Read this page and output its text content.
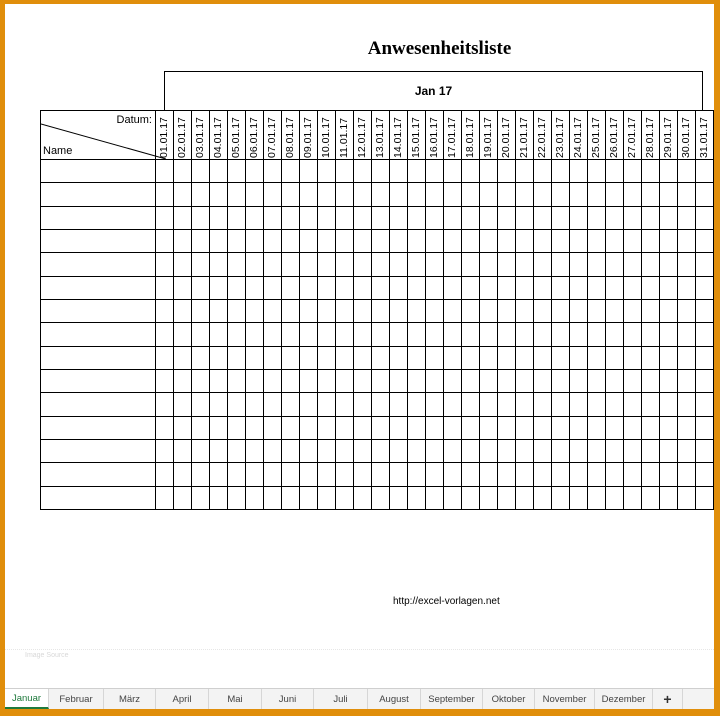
Anwesenheitsliste
Jan 17
Datum:
Name	01.01.17	02.01.17	03.01.17	04.01.17	05.01.17	06.01.17	07.01.17	08.01.17	09.01.17	10.01.17	11.01.17	12.01.17	13.01.17	14.01.17	15.01.17	16.01.17	17.01.17	18.01.17	19.01.17	20.01.17	21.01.17	22.01.17	23.01.17	24.01.17	25.01.17	26.01.17	27.01.17	28.01.17	29.01.17	30.01.17	31.01.17

Image Source
http://excel-vorlagen.net
Januar	Februar	März	April	Mai	Juni	Juli	August	September	Oktober	November	Dezember	+
